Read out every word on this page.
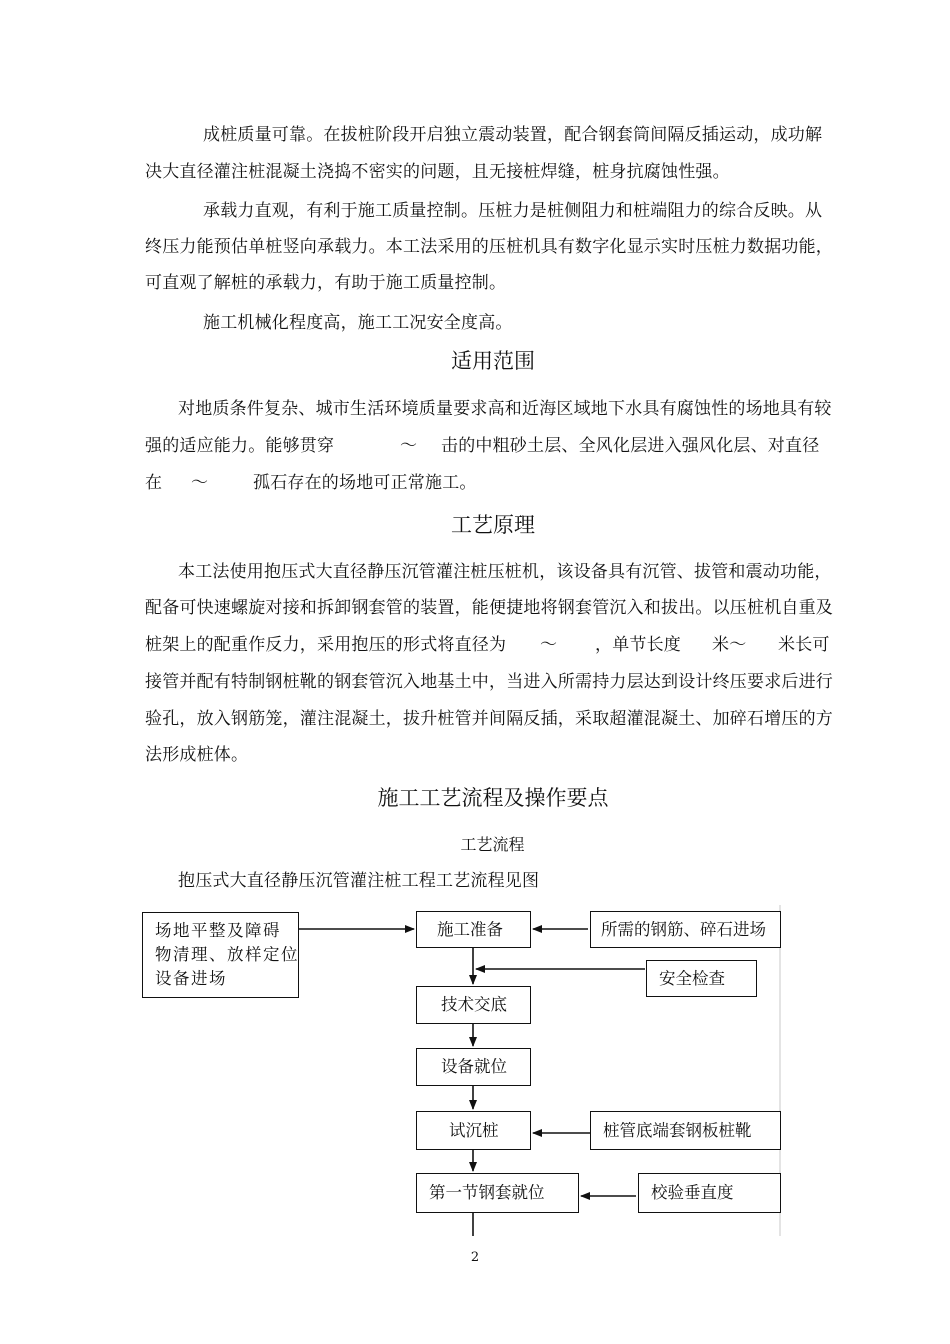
成桩质量可靠。在拔桩阶段开启独立震动装置，配合钢套筒间隔反插运动，成功解
决大直径灌注桩混凝土浇捣不密实的问题，且无接桩焊缝，桩身抗腐蚀性强。
承载力直观，有利于施工质量控制。压桩力是桩侧阻力和桩端阻力的综合反映。从
终压力能预估单桩竖向承载力。本工法采用的压桩机具有数字化显示实时压桩力数据功能，
可直观了解桩的承载力，有助于施工质量控制。
施工机械化程度高，施工工况安全度高。
适用范围
对地质条件复杂、城市生活环境质量要求高和近海区域地下水具有腐蚀性的场地具有较
强的适应能力。能够贯穿	～ 击的中粗砂土层、全风化层进入强风化层、对直径
在 ～	孤石存在的场地可正常施工。
工艺原理
本工法使用抱压式大直径静压沉管灌注桩压桩机，该设备具有沉管、拔管和震动功能，
配备可快速螺旋对接和拆卸钢套管的装置，能便捷地将钢套管沉入和拔出。以压桩机自重及
桩架上的配重作反力，采用抱压的形式将直径为 ～ ，单节长度 米～ 米长可
接管并配有特制钢桩靴的钢套管沉入地基土中，当进入所需持力层达到设计终压要求后进行
验孔，放入钢筋笼，灌注混凝土，拔升桩管并间隔反插，采取超灌混凝土、加碎石增压的方
法形成桩体。
施工工艺流程及操作要点
工艺流程
抱压式大直径静压沉管灌注桩工程工艺流程见图
场地平整及障碍
物清理、放样定位
设备进场
施工准备	所需的钢筋、碎石进场
安全检查
技术交底
设备就位
试沉桩	桩管底端套钢板桩靴
第一节钢套就位	校验垂直度
2
